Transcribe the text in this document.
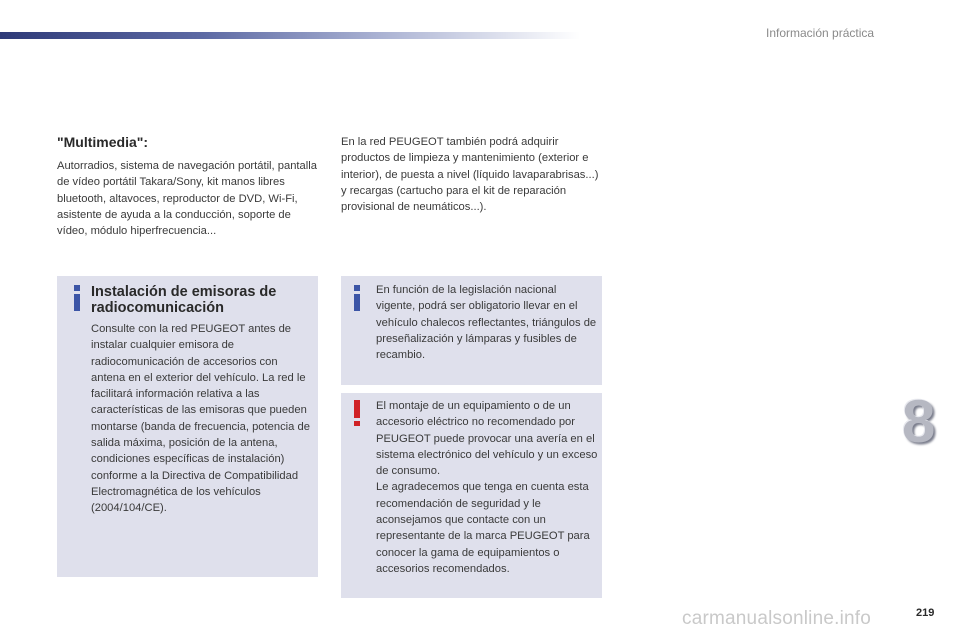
Información práctica
"Multimedia":
Autorradios, sistema de navegación portátil, pantalla de vídeo portátil Takara/Sony, kit manos libres bluetooth, altavoces, reproductor de DVD, Wi-Fi, asistente de ayuda a la conducción, soporte de vídeo, módulo hiperfrecuencia...
En la red PEUGEOT también podrá adquirir productos de limpieza y mantenimiento (exterior e interior), de puesta a nivel (líquido lavaparabrisas...) y recargas (cartucho para el kit de reparación provisional de neumáticos...).
Instalación de emisoras de radiocomunicación
Consulte con la red PEUGEOT antes de instalar cualquier emisora de radiocomunicación de accesorios con antena en el exterior del vehículo. La red le facilitará información relativa a las características de las emisoras que pueden montarse (banda de frecuencia, potencia de salida máxima, posición de la antena, condiciones específicas de instalación) conforme a la Directiva de Compatibilidad Electromagnética de los vehículos (2004/104/CE).
En función de la legislación nacional vigente, podrá ser obligatorio llevar en el vehículo chalecos reflectantes, triángulos de preseñalización y lámparas y fusibles de recambio.
El montaje de un equipamiento o de un accesorio eléctrico no recomendado por PEUGEOT puede provocar una avería en el sistema electrónico del vehículo y un exceso de consumo.
Le agradecemos que tenga en cuenta esta recomendación de seguridad y le aconsejamos que contacte con un representante de la marca PEUGEOT para conocer la gama de equipamientos o accesorios recomendados.
8
carmanualsonline.info	219
